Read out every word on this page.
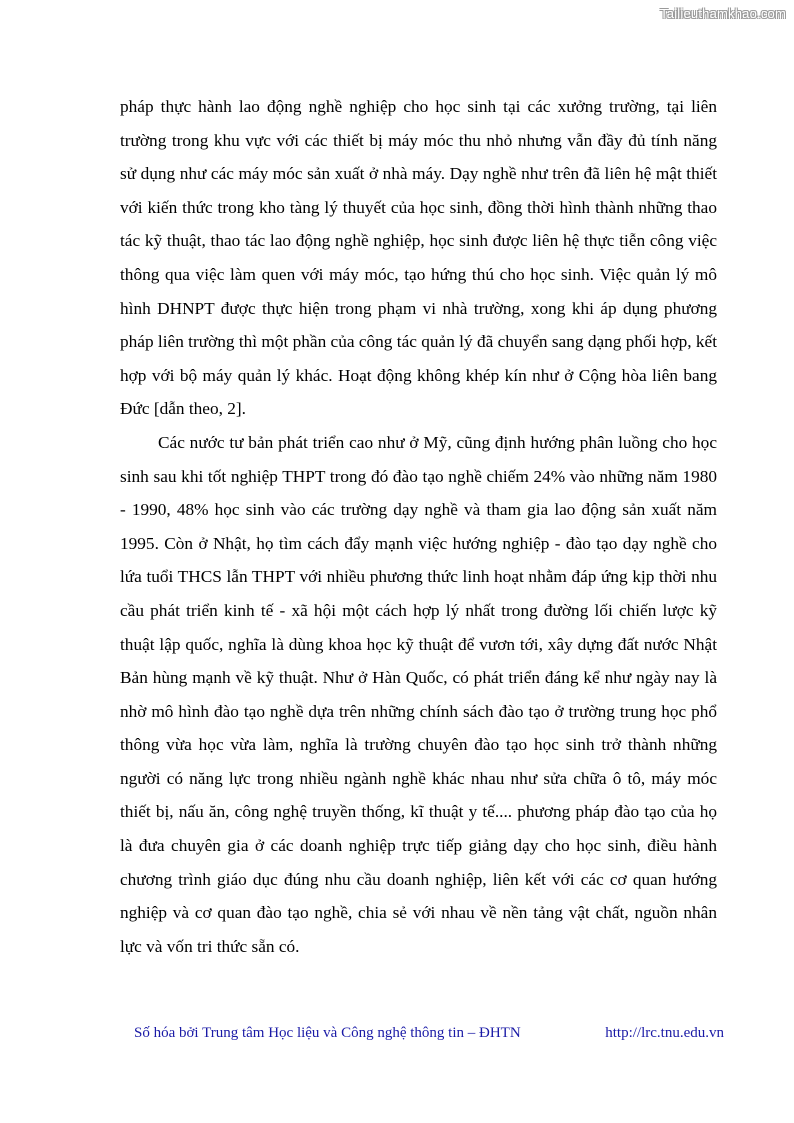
Tailieuthamkhao.com

pháp thực hành lao động nghề nghiệp cho học sinh tại các xưởng trường, tại liên trường trong khu vực với các thiết bị máy móc thu nhỏ nhưng vẫn đầy đủ tính năng sử dụng như các máy móc sản xuất ở nhà máy. Dạy nghề như trên đã liên hệ mật thiết với kiến thức trong kho tàng lý thuyết của học sinh, đồng thời hình thành những thao tác kỹ thuật, thao tác lao động nghề nghiệp, học sinh được liên hệ thực tiễn công việc thông qua việc làm quen với máy móc, tạo hứng thú cho học sinh. Việc quản lý mô hình DHNPT được thực hiện trong phạm vi nhà trường, xong khi áp dụng phương pháp liên trường thì một phần của công tác quản lý đã chuyển sang dạng phối hợp, kết hợp với bộ máy quản lý khác. Hoạt động không khép kín như ở Cộng hòa liên bang Đức [dẫn theo, 2].

Các nước tư bản phát triển cao như ở Mỹ, cũng định hướng phân luồng cho học sinh sau khi tốt nghiệp THPT trong đó đào tạo nghề chiếm 24% vào những năm 1980 - 1990, 48% học sinh vào các trường dạy nghề và tham gia lao động sản xuất năm 1995. Còn ở Nhật, họ tìm cách đẩy mạnh việc hướng nghiệp - đào tạo dạy nghề cho lứa tuổi THCS lẫn THPT với nhiều phương thức linh hoạt nhằm đáp ứng kịp thời nhu cầu phát triển kinh tế - xã hội một cách hợp lý nhất trong đường lối chiến lược kỹ thuật lập quốc, nghĩa là dùng khoa học kỹ thuật để vươn tới, xây dựng đất nước Nhật Bản hùng mạnh về kỹ thuật. Như ở Hàn Quốc, có phát triển đáng kể như ngày nay là nhờ mô hình đào tạo nghề dựa trên những chính sách đào tạo ở trường trung học phổ thông vừa học vừa làm, nghĩa là trường chuyên đào tạo học sinh trở thành những người có năng lực trong nhiều ngành nghề khác nhau như sửa chữa ô tô, máy móc thiết bị, nấu ăn, công nghệ truyền thống, kĩ thuật y tế.... phương pháp đào tạo của họ là đưa chuyên gia ở các doanh nghiệp trực tiếp giảng dạy cho học sinh, điều hành chương trình giáo dục đúng nhu cầu doanh nghiệp, liên kết với các cơ quan hướng nghiệp và cơ quan đào tạo nghề, chia sẻ với nhau về nền tảng vật chất, nguồn nhân lực và vốn tri thức sẵn có.

Số hóa bởi Trung tâm Học liệu và Công nghệ thông tin – ĐHTN	http://lrc.tnu.edu.vn
